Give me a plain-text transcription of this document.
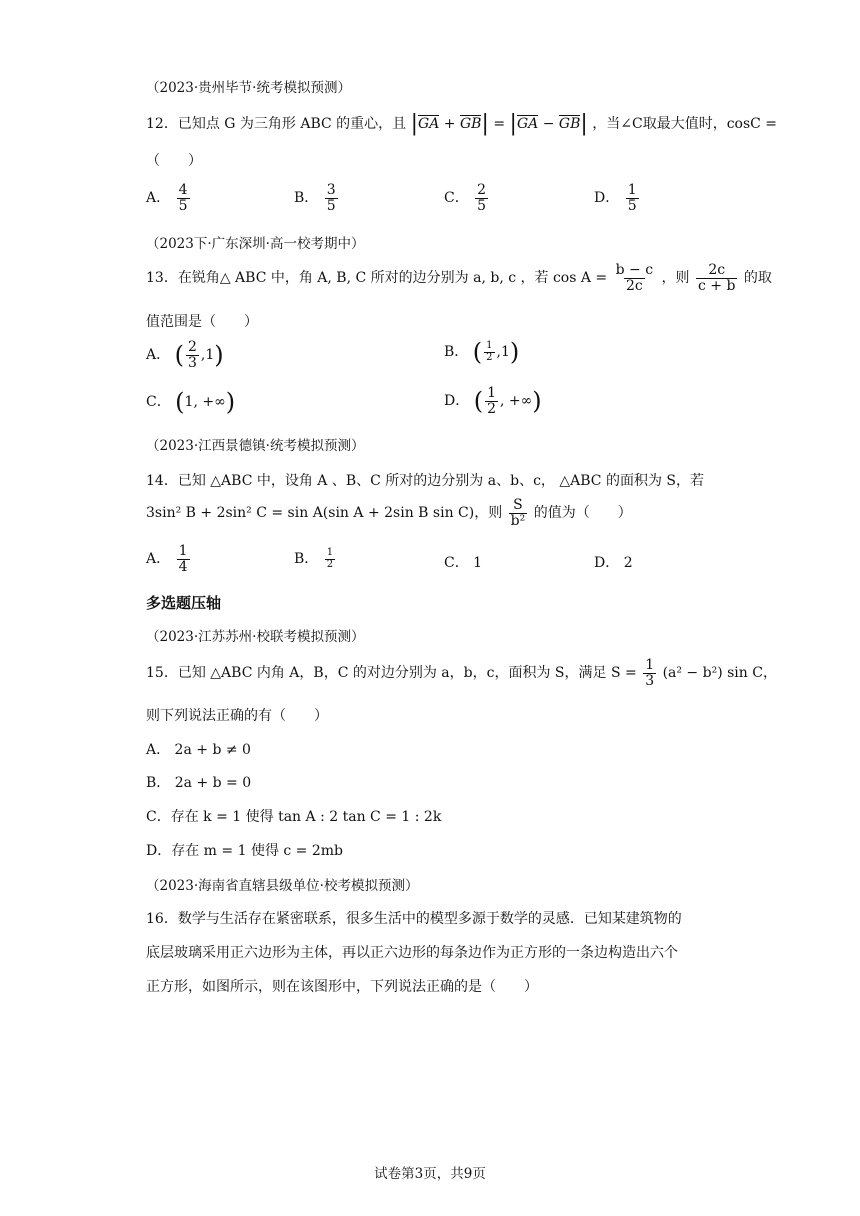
（2023·贵州毕节·统考模拟预测）
12．已知点 G 为三角形 ABC 的重心，且 |GA + GB| = |GA − GB| ，当∠C取最大值时，cosC =
（　　）
A． $\frac{4}{5}$	B． $\frac{3}{5}$	C． $\frac{2}{5}$	D． $\frac{1}{5}$
（2023下·广东深圳·高一校考期中）
13．在锐角△ ABC 中，角 A, B, C 所对的边分别为 a, b, c ，若 $\cos A = \frac{b - c}{2c}$ ，则 $\frac{2c}{c + b}$ 的取
值范围是（　　）
A． ( $\frac{2}{3} ,1$)	B． ( $\frac{1}{2} ,1$)
C． (1, +∞)	D． ( $\frac{1}{2}$ , +∞)
（2023·江西景德镇·统考模拟预测）
14．已知 △ABC 中，设角 A 、B、C 所对的边分别为 a、b、c， △ABC 的面积为 S，若
3sin² B + 2sin² C = sin A(sin A + 2sin B sin C)，则 $\frac{S}{\text{b²}}$ 的值为（　　）
A． $\frac{1}{4}$	B． $\frac{1}{2}$	C． 1	D． 2
多选题压轴
（2023·江苏苏州·校联考模拟预测）
15．已知 △ABC 内角 A，B，C 的对边分别为 a，b，c，面积为 S，满足 $S = \frac{1}{3} (a^2 - b^2)$ sin C，
则下列说法正确的有（　　）
A． 2a + b ≠ 0
B． 2a + b = 0
C．存在 k = 1 使得 tan A : 2 tan C = 1 : 2k
D．存在 m = 1 使得 c = 2mb
（2023·海南省直辖县级单位·校考模拟预测）
16．数学与生活存在紧密联系，很多生活中的模型多源于数学的灵感．已知某建筑物的
底层玻璃采用正六边形为主体，再以正六边形的每条边作为正方形的一条边构造出六个
正方形，如图所示，则在该图形中，下列说法正确的是（　　）
试卷第3页，共9页
